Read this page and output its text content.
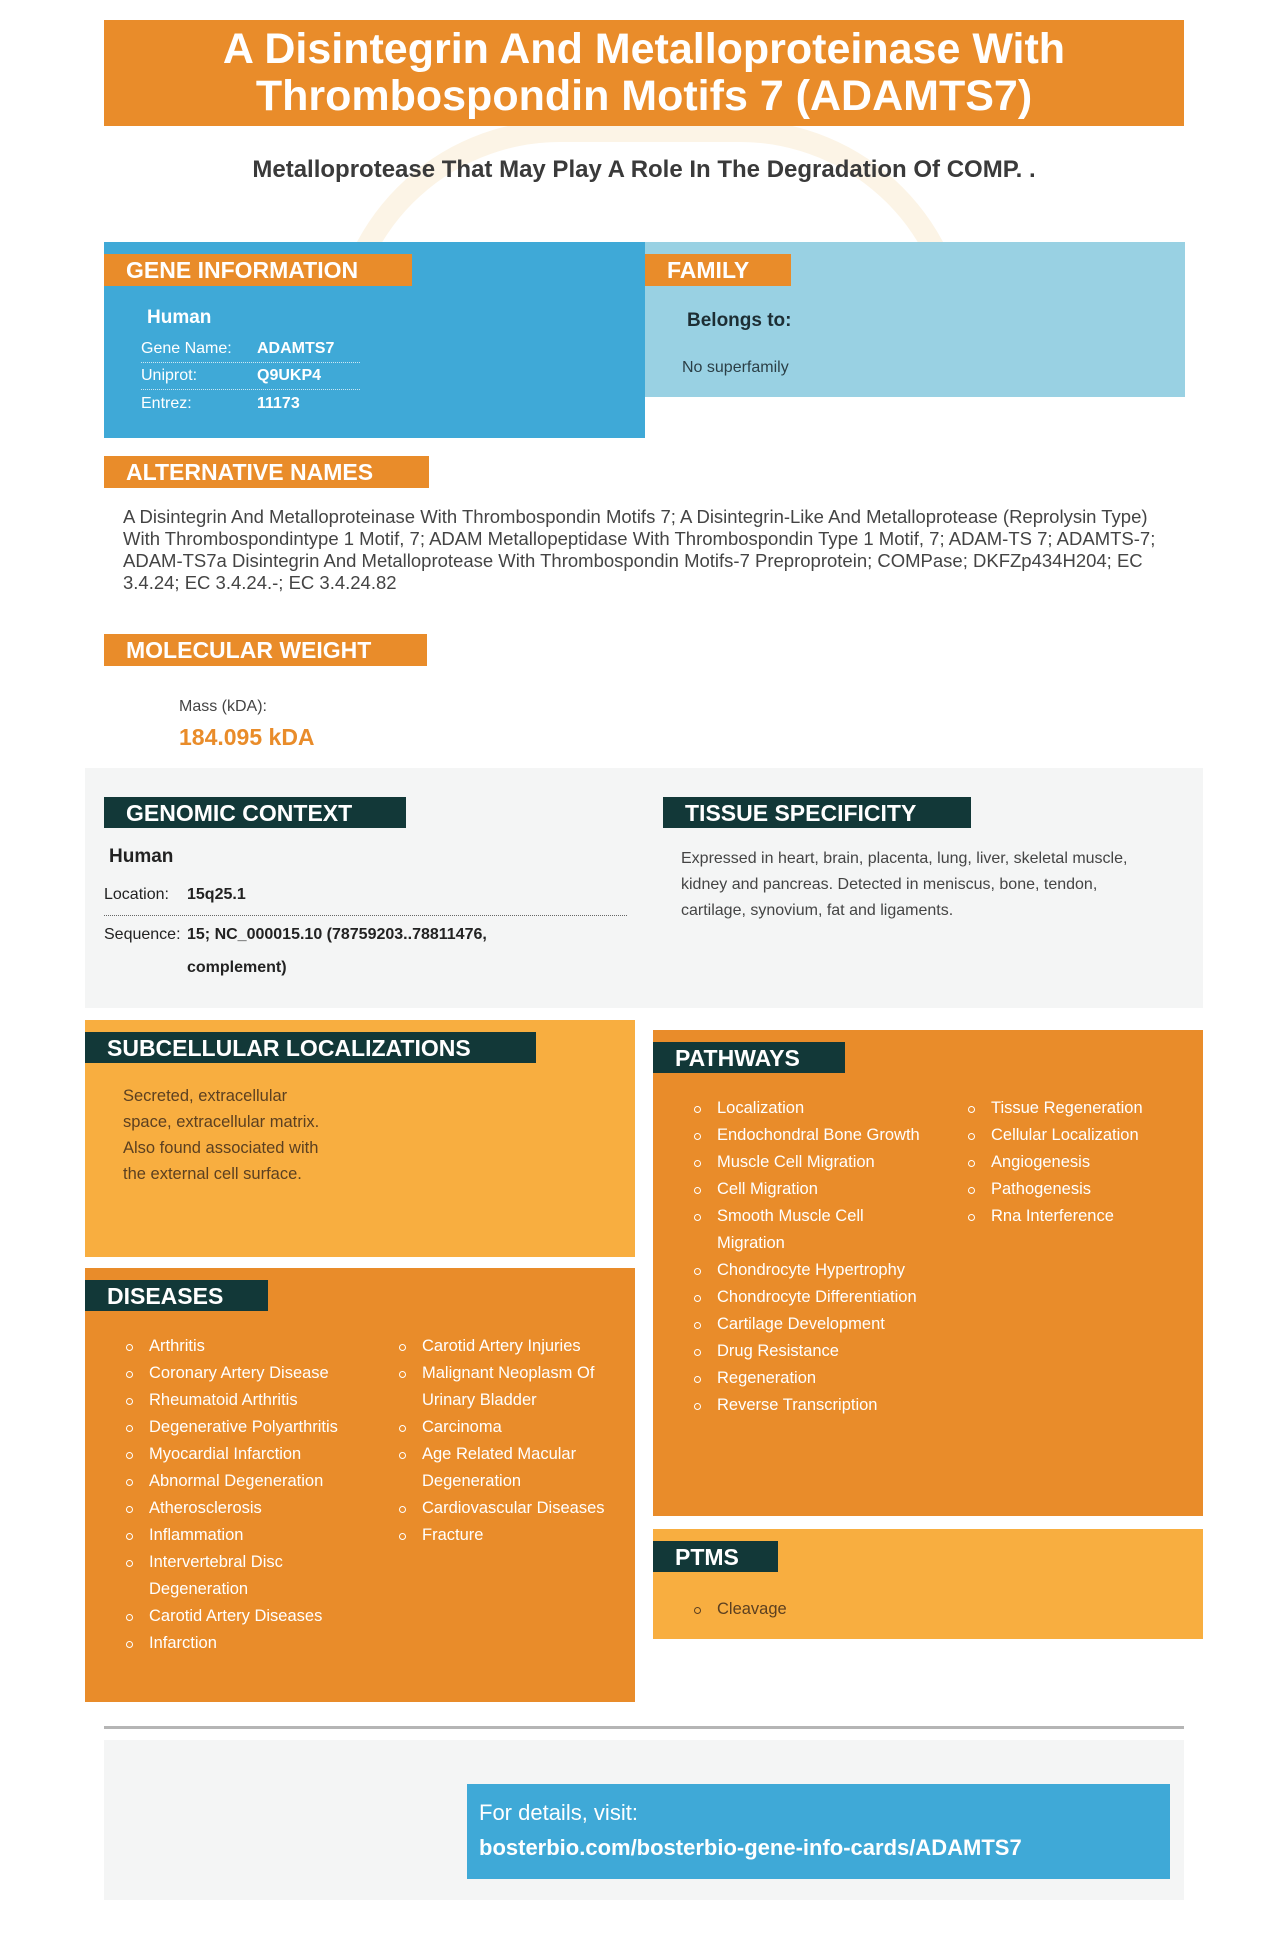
A Disintegrin And Metalloproteinase With Thrombospondin Motifs 7 (ADAMTS7)
Metalloprotease That May Play A Role In The Degradation Of COMP. .
GENE INFORMATION
Human
Gene Name:	ADAMTS7
Uniprot:	Q9UKP4
Entrez:	11173
FAMILY
Belongs to:
No superfamily
ALTERNATIVE NAMES
A Disintegrin And Metalloproteinase With Thrombospondin Motifs 7; A Disintegrin-Like And Metalloprotease (Reprolysin Type) With Thrombospondintype 1 Motif, 7; ADAM Metallopeptidase With Thrombospondin Type 1 Motif, 7; ADAM-TS 7; ADAMTS-7; ADAM-TS7a Disintegrin And Metalloprotease With Thrombospondin Motifs-7 Preproprotein; COMPase; DKFZp434H204; EC 3.4.24; EC 3.4.24.-; EC 3.4.24.82
MOLECULAR WEIGHT
Mass (kDA):
184.095 kDA
GENOMIC CONTEXT
Human
Location: 15q25.1
Sequence: 15; NC_000015.10 (78759203..78811476,
complement)
TISSUE SPECIFICITY
Expressed in heart, brain, placenta, lung, liver, skeletal muscle, kidney and pancreas. Detected in meniscus, bone, tendon, cartilage, synovium, fat and ligaments.
SUBCELLULAR LOCALIZATIONS
Secreted, extracellular space, extracellular matrix. Also found associated with the external cell surface.
DISEASES
Arthritis
Coronary Artery Disease
Rheumatoid Arthritis
Degenerative Polyarthritis
Myocardial Infarction
Abnormal Degeneration
Atherosclerosis
Inflammation
Intervertebral Disc Degeneration
Carotid Artery Diseases
Infarction
Carotid Artery Injuries
Malignant Neoplasm Of Urinary Bladder
Carcinoma
Age Related Macular Degeneration
Cardiovascular Diseases
Fracture
PATHWAYS
Localization
Endochondral Bone Growth
Muscle Cell Migration
Cell Migration
Smooth Muscle Cell Migration
Chondrocyte Hypertrophy
Chondrocyte Differentiation
Cartilage Development
Drug Resistance
Regeneration
Reverse Transcription
Tissue Regeneration
Cellular Localization
Angiogenesis
Pathogenesis
Rna Interference
PTMS
Cleavage
For details, visit:
bosterbio.com/bosterbio-gene-info-cards/ADAMTS7
